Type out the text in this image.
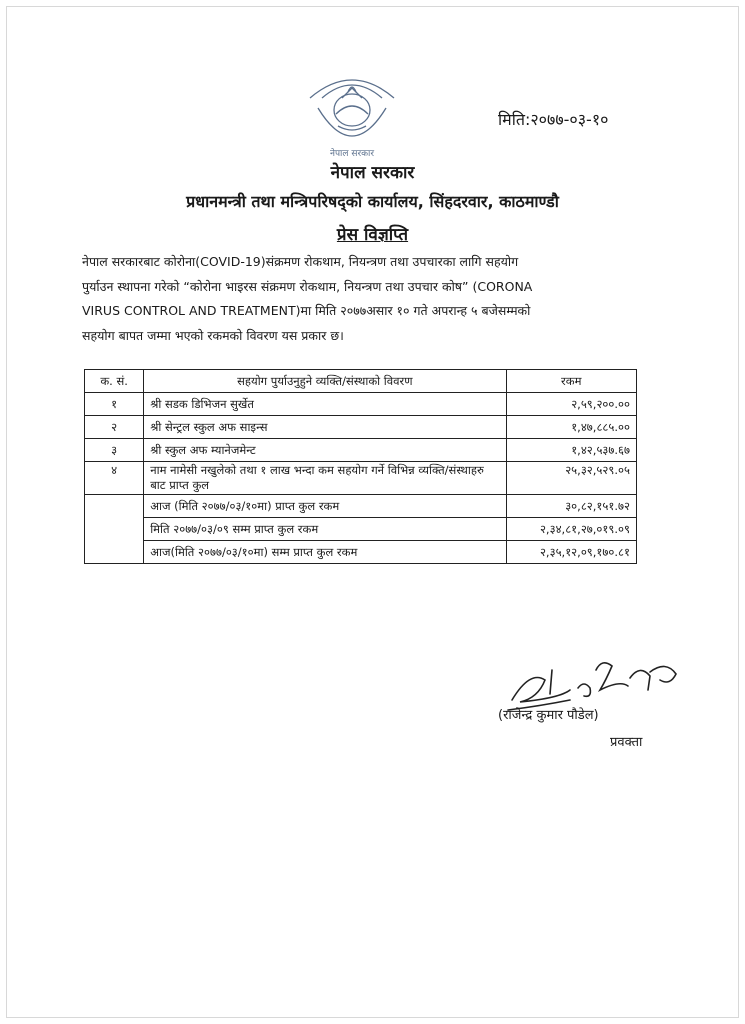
नेपाल सरकार
मिति:२०७७-०३-१०
नेपाल सरकार
प्रधानमन्त्री तथा मन्त्रिपरिषद्को कार्यालय, सिंहदरवार, काठमाण्डौ
प्रेस विज्ञप्ति
नेपाल सरकारबाट कोरोना(COVID-19)संक्रमण रोकथाम, नियन्त्रण तथा उपचारका लागि सहयोग
पुर्याउन स्थापना गरेको “कोरोना भाइरस संक्रमण रोकथाम, नियन्त्रण तथा उपचार कोष” (CORONA
VIRUS CONTROL AND TREATMENT)मा मिति २०७७असार १० गते अपरान्ह ५ बजेसम्मको
सहयोग बापत जम्मा भएको रकमको विवरण यस प्रकार छ।
क. सं.	सहयोग पुर्याउनुहुने व्यक्ति/संस्थाको विवरण	रकम
१	श्री सडक डिभिजन सुर्खेत	२,५९,२००.००
२	श्री सेन्ट्रल स्कुल अफ साइन्स	१,४७,८८५.००
३	श्री स्कुल अफ म्यानेजमेन्ट	१,४२,५३७.६७
४	नाम नामेसी नखुलेको तथा १ लाख भन्दा कम सहयोग गर्ने विभिन्न व्यक्ति/संस्थाहरु बाट प्राप्त कुल	२५,३२,५२९.०५
	आज (मिति २०७७/०३/१०मा) प्राप्त कुल रकम	३०,८२,१५१.७२
	मिति २०७७/०३/०९ सम्म प्राप्त कुल रकम	२,३४,८१,२७,०१९.०९
	आज(मिति २०७७/०३/१०मा) सम्म प्राप्त कुल रकम	२,३५,१२,०९,१७०.८१
(राजेन्द्र कुमार पौडेल)
प्रवक्ता
